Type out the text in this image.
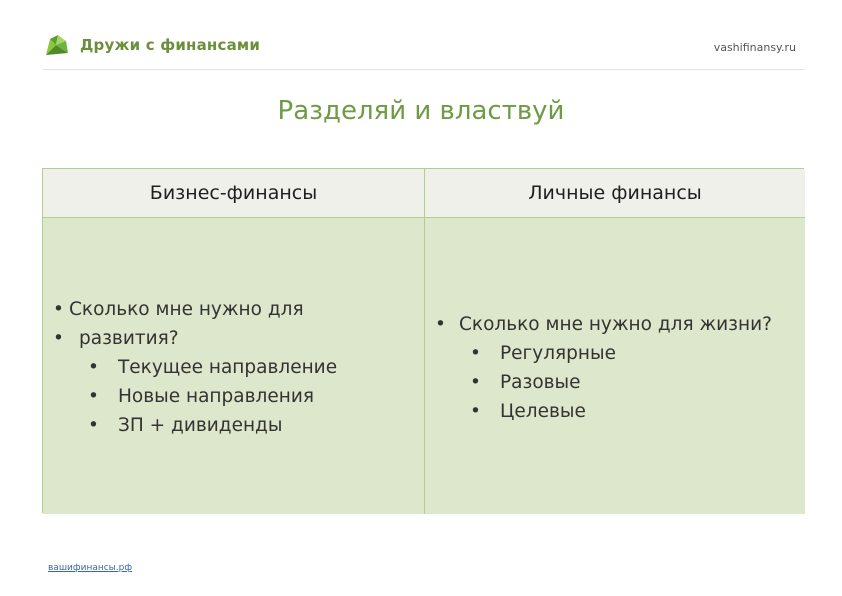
Дружи с финансами	vashifinansy.ru
Разделяй и властвуй
Бизнес-финансы	Личные финансы
• Сколько мне нужно для
• развития?
• Текущее направление
• Новые направления
• ЗП + дивиденды
• Сколько мне нужно для жизни?
• Регулярные
• Разовые
• Целевые
вашифинансы.рф
